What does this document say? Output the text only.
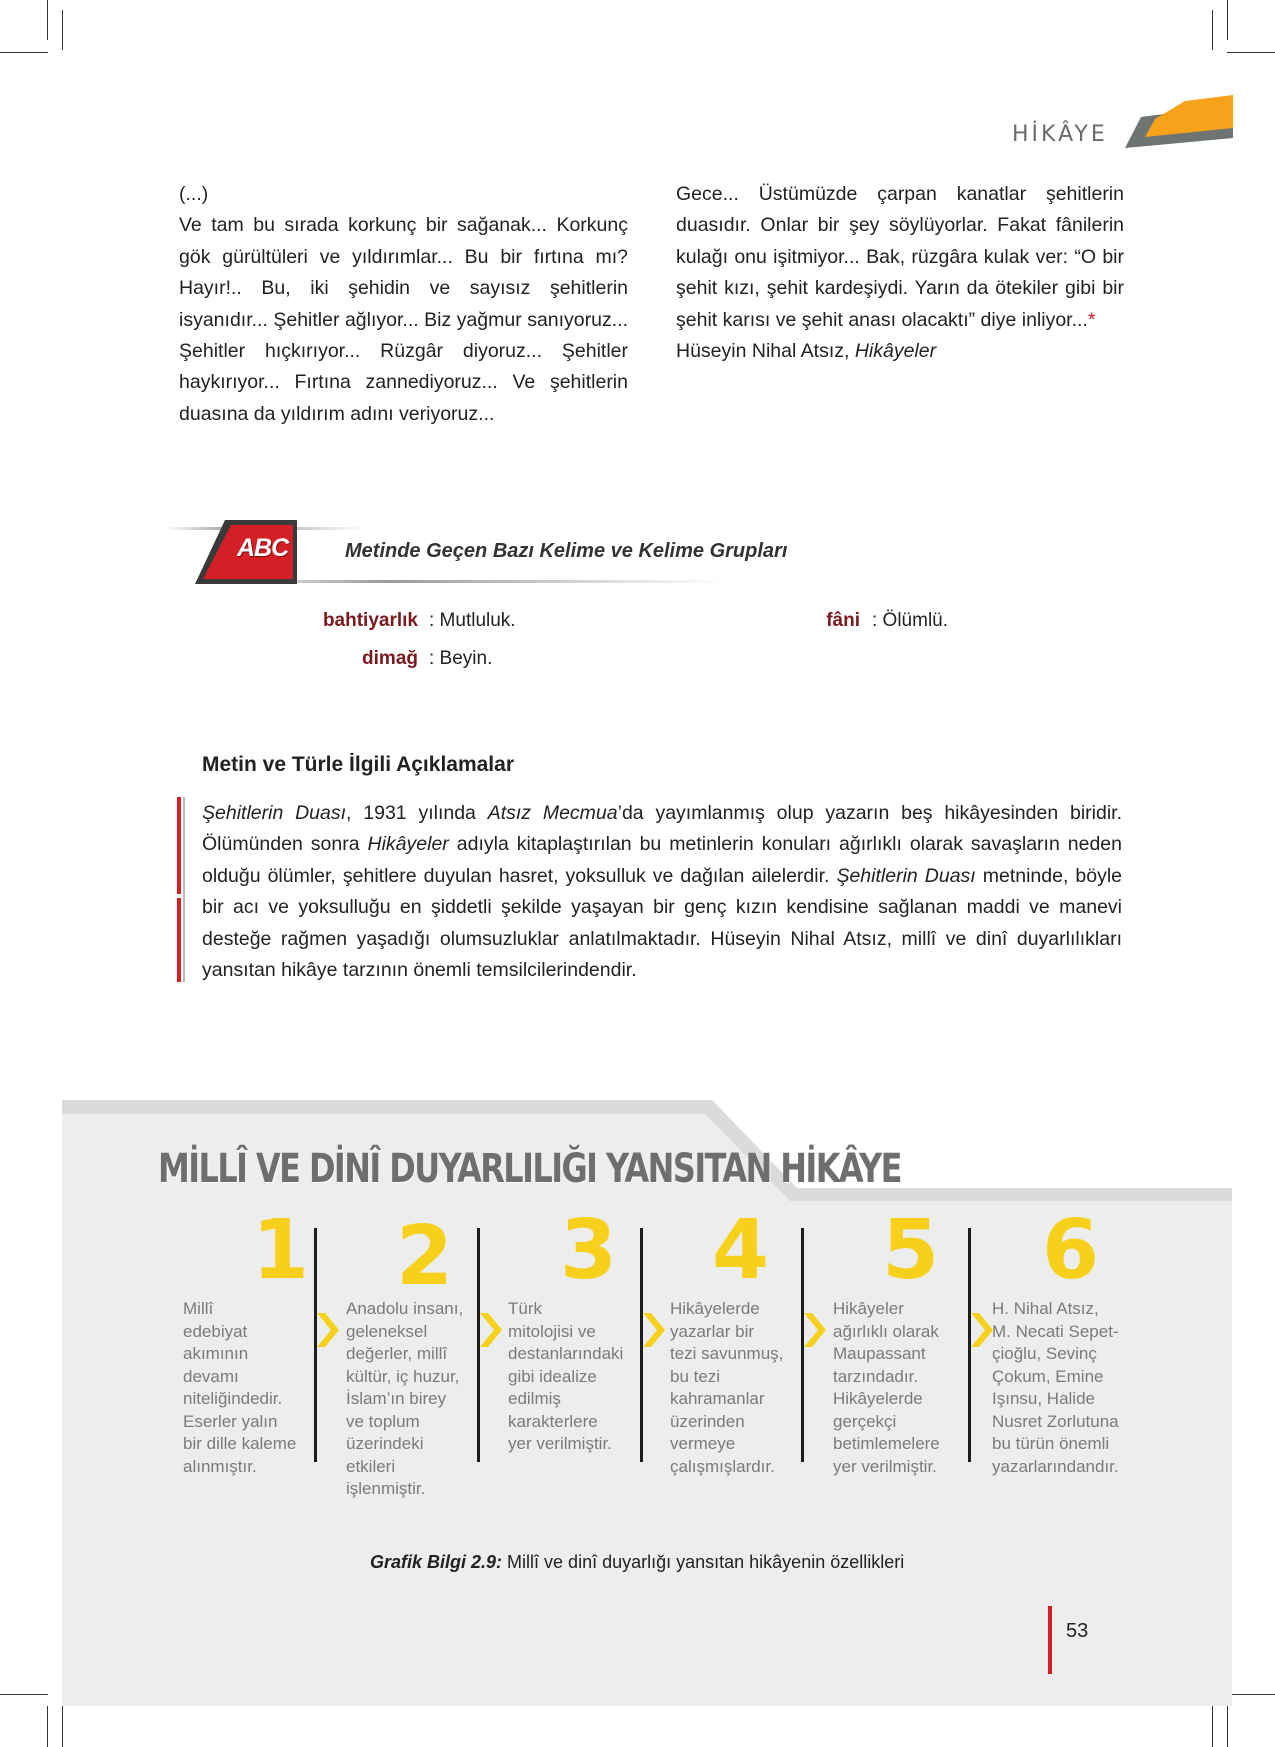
HİKÂYE

(...)

Ve tam bu sırada korkunç bir sağanak... Korkunç gök gürültüleri ve yıldırımlar... Bu bir fırtına mı? Hayır!.. Bu, iki şehidin ve sayısız şehitlerin isyanıdır... Şehitler ağlıyor... Biz yağmur sanıyoruz... Şehitler hıçkırıyor... Rüzgâr diyoruz... Şehitler haykırıyor... Fırtına zannediyoruz... Ve şehitlerin duasına da yıldırım adını veriyoruz...

Gece... Üstümüzde çarpan kanatlar şehitlerin duasıdır. Onlar bir şey söylüyorlar. Fakat fânilerin kulağı onu işitmiyor... Bak, rüzgâra kulak ver: “O bir şehit kızı, şehit kardeşiydi. Yarın da ötekiler gibi bir şehit karısı ve şehit anası olacaktı” diye inliyor...*

Hüseyin Nihal Atsız, Hikâyeler

ABC	Metinde Geçen Bazı Kelime ve Kelime Grupları
bahtiyarlık : Mutluluk.
dimağ : Beyin.
fâni : Ölümlü.
Metin ve Türle İlgili Açıklamalar
Şehitlerin Duası, 1931 yılında Atsız Mecmua’da yayımlanmış olup yazarın beş hikâyesinden biridir. Ölümünden sonra Hikâyeler adıyla kitaplaştırılan bu metinlerin konuları ağırlıklı olarak savaşların neden olduğu ölümler, şehitlere duyulan hasret, yoksulluk ve dağılan ailelerdir. Şehitlerin Duası metninde, böyle bir acı ve yoksulluğu en şiddetli şekilde yaşayan bir genç kızın kendisine sağlanan maddi ve manevi desteğe rağmen yaşadığı olumsuzluklar anlatılmaktadır. Hüseyin Nihal Atsız, millî ve dinî duyarlılıkları yansıtan hikâye tarzının önemli temsilcilerindendir.
MİLLÎ VE DİNÎ DUYARLILIĞI YANSITAN HİKÂYE
1 2 3 4 5 6
Millî
edebiyat
akımının
devamı
niteliğindedir.
Eserler yalın
bir dille kaleme
alınmıştır.
Anadolu insanı,
geleneksel
değerler, millî
kültür, iç huzur,
İslam’ın birey
ve toplum
üzerindeki
etkileri
işlenmiştir.
Türk
mitolojisi ve
destanlarındaki
gibi idealize
edilmiş
karakterlere
yer verilmiştir.
Hikâyelerde
yazarlar bir
tezi savunmuş,
bu tezi
kahramanlar
üzerinden
vermeye
çalışmışlardır.
Hikâyeler
ağırlıklı olarak
Maupassant
tarzındadır.
Hikâyelerde
gerçekçi
betimlemelere
yer verilmiştir.
H. Nihal Atsız,
M. Necati Sepet-
çioğlu, Sevinç
Çokum, Emine
Işınsu, Halide
Nusret Zorlutuna
bu türün önemli
yazarlarındandır.
Grafik Bilgi 2.9: Millî ve dinî duyarlığı yansıtan hikâyenin özellikleri
53
